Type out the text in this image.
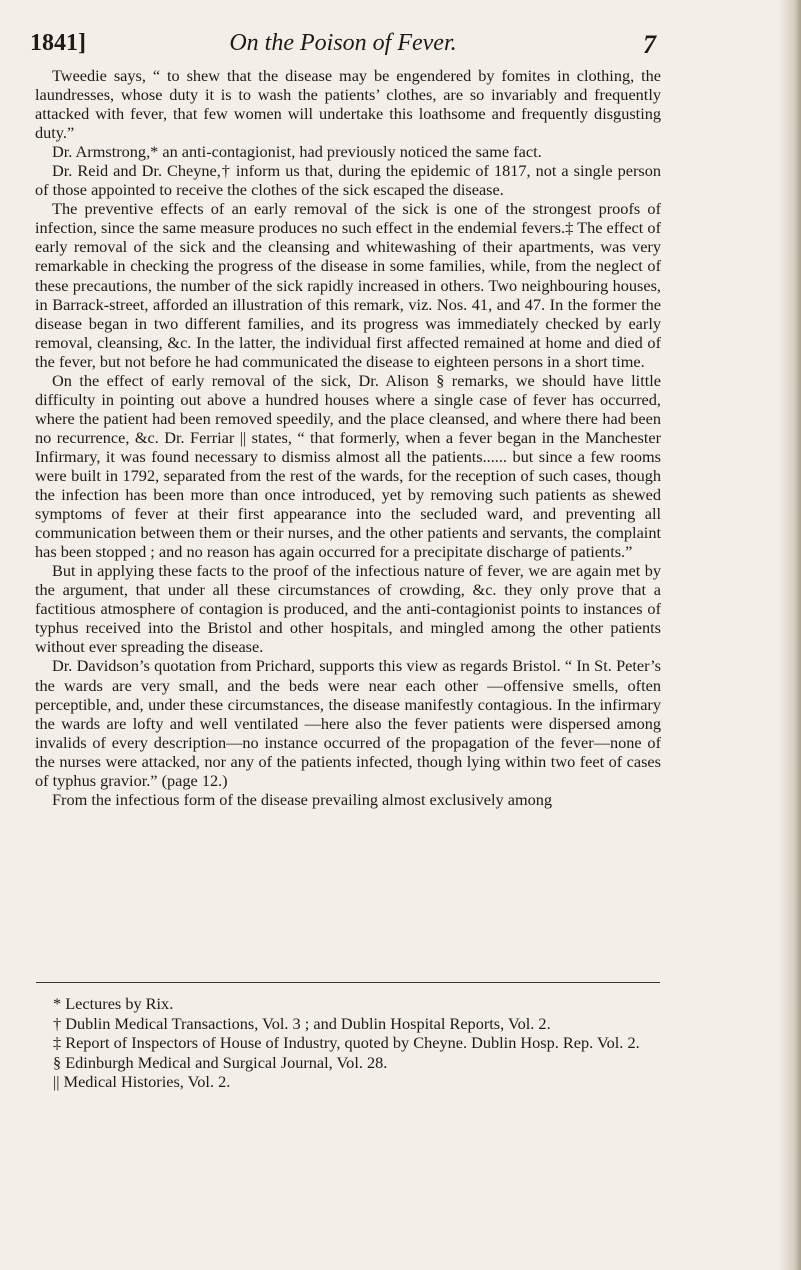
1841]	On the Poison of Fever.	7

Tweedie says, “ to shew that the disease may be engendered by fomites in clothing, the laundresses, whose duty it is to wash the patients’ clothes, are so invariably and frequently attacked with fever, that few women will undertake this loathsome and frequently disgusting duty.”

Dr. Armstrong,* an anti-contagionist, had previously noticed the same fact.

Dr. Reid and Dr. Cheyne,† inform us that, during the epidemic of 1817, not a single person of those appointed to receive the clothes of the sick escaped the disease.

The preventive effects of an early removal of the sick is one of the strongest proofs of infection, since the same measure produces no such effect in the endemial fevers.‡ The effect of early removal of the sick and the cleansing and whitewashing of their apartments, was very remarkable in checking the progress of the disease in some families, while, from the neglect of these precautions, the number of the sick rapidly increased in others. Two neighbouring houses, in Barrack-street, afforded an illustration of this remark, viz. Nos. 41, and 47. In the former the disease began in two different families, and its progress was immediately checked by early removal, cleansing, &c. In the latter, the individual first affected remained at home and died of the fever, but not before he had communicated the disease to eighteen persons in a short time.

On the effect of early removal of the sick, Dr. Alison § remarks, we should have little difficulty in pointing out above a hundred houses where a single case of fever has occurred, where the patient had been removed speedily, and the place cleansed, and where there had been no recurrence, &c. Dr. Ferriar || states, “ that formerly, when a fever began in the Manchester Infirmary, it was found necessary to dismiss almost all the patients...... but since a few rooms were built in 1792, separated from the rest of the wards, for the reception of such cases, though the infection has been more than once introduced, yet by removing such patients as shewed symptoms of fever at their first appearance into the secluded ward, and preventing all communication between them or their nurses, and the other patients and servants, the complaint has been stopped ; and no reason has again occurred for a precipitate discharge of patients.”

But in applying these facts to the proof of the infectious nature of fever, we are again met by the argument, that under all these circumstances of crowding, &c. they only prove that a factitious atmosphere of contagion is produced, and the anti-contagionist points to instances of typhus received into the Bristol and other hospitals, and mingled among the other patients without ever spreading the disease.

Dr. Davidson’s quotation from Prichard, supports this view as regards Bristol. “ In St. Peter’s the wards are very small, and the beds were near each other —offensive smells, often perceptible, and, under these circumstances, the disease manifestly contagious. In the infirmary the wards are lofty and well ventilated —here also the fever patients were dispersed among invalids of every description—no instance occurred of the propagation of the fever—none of the nurses were attacked, nor any of the patients infected, though lying within two feet of cases of typhus gravior.” (page 12.)

From the infectious form of the disease prevailing almost exclusively among

* Lectures by Rix.

† Dublin Medical Transactions, Vol. 3 ; and Dublin Hospital Reports, Vol. 2.

‡ Report of Inspectors of House of Industry, quoted by Cheyne. Dublin Hosp. Rep. Vol. 2.

§ Edinburgh Medical and Surgical Journal, Vol. 28.

|| Medical Histories, Vol. 2.
